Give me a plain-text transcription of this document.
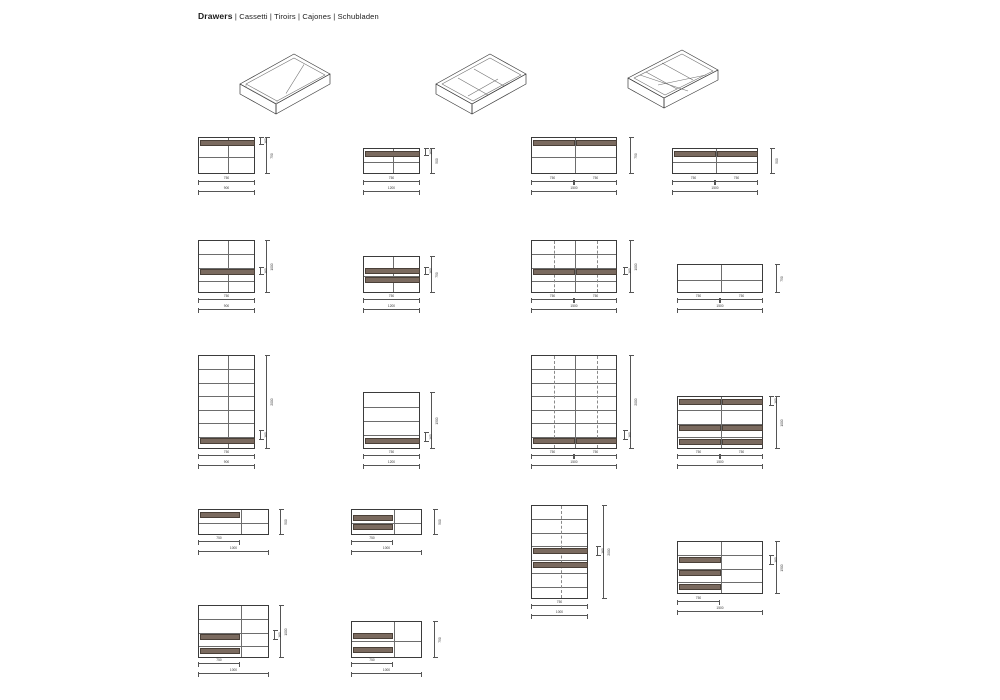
Drawers | Cassetti | Tiroirs | Cajones | Schubladen
750
900
750
160
750
1200
500
160
750	750
1500
750
750	750
1500
500
750
900
1000
160
750
1200
750
160
750	750
1500
1000
160
750	750
1500
750
750
900
2000
160
750
1200
1500
160
750	750
1500
2000
160
750	750
1500
1000
160
750
1000
500
750
1000
500
750
1000
2000
160
750
1500
1500
160
750
1000
1000
160
750
1000
750
